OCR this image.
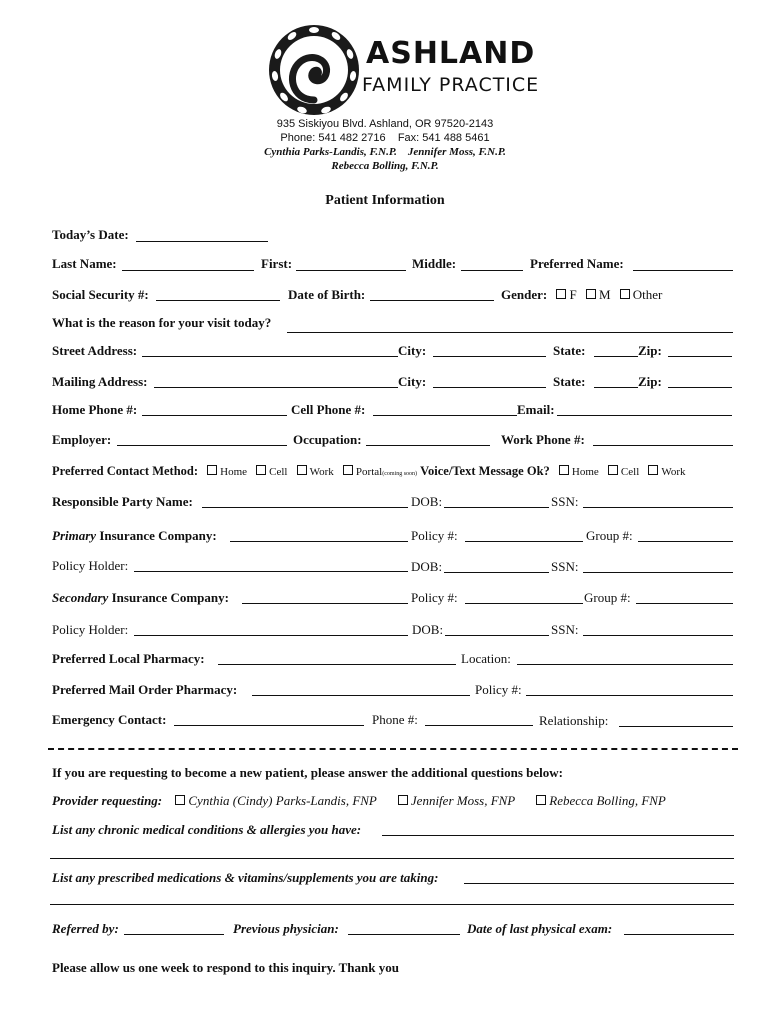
ASHLAND
FAMILY PRACTICE
935 Siskiyou Blvd. Ashland, OR 97520-2143
Phone: 541 482 2716    Fax: 541 488 5461
Cynthia Parks-Landis, F.N.P.    Jennifer Moss, F.N.P.
Rebecca Bolling, F.N.P.
Patient Information
Today’s Date:
Last Name:	First:	Middle:	Preferred Name:
Social Security #:	Date of Birth:	Gender: F M Other
What is the reason for your visit today?
Street Address:	City:	State:	Zip:
Mailing Address:	City:	State:	Zip:
Home Phone #:	Cell Phone #:	Email:
Employer:	Occupation:	Work Phone #:
Preferred Contact Method: Home Cell Work Portal(coming soon) Voice/Text Message Ok? Home Cell Work
Responsible Party Name:	DOB:	SSN:
Primary Insurance Company:	Policy #:	Group #:
Policy Holder:	DOB:	SSN:
Secondary Insurance Company:	Policy #:	Group #:
Policy Holder:	DOB:	SSN:
Preferred Local Pharmacy:	Location:
Preferred Mail Order Pharmacy:	Policy #:
Emergency Contact:	Phone #:	Relationship:
If you are requesting to become a new patient, please answer the additional questions below:
Provider requesting: Cynthia (Cindy) Parks-Landis, FNP	Jennifer Moss, FNP	Rebecca Bolling, FNP
List any chronic medical conditions & allergies you have:
List any prescribed medications & vitamins/supplements you are taking:
Referred by:	Previous physician:	Date of last physical exam:
Please allow us one week to respond to this inquiry. Thank you
